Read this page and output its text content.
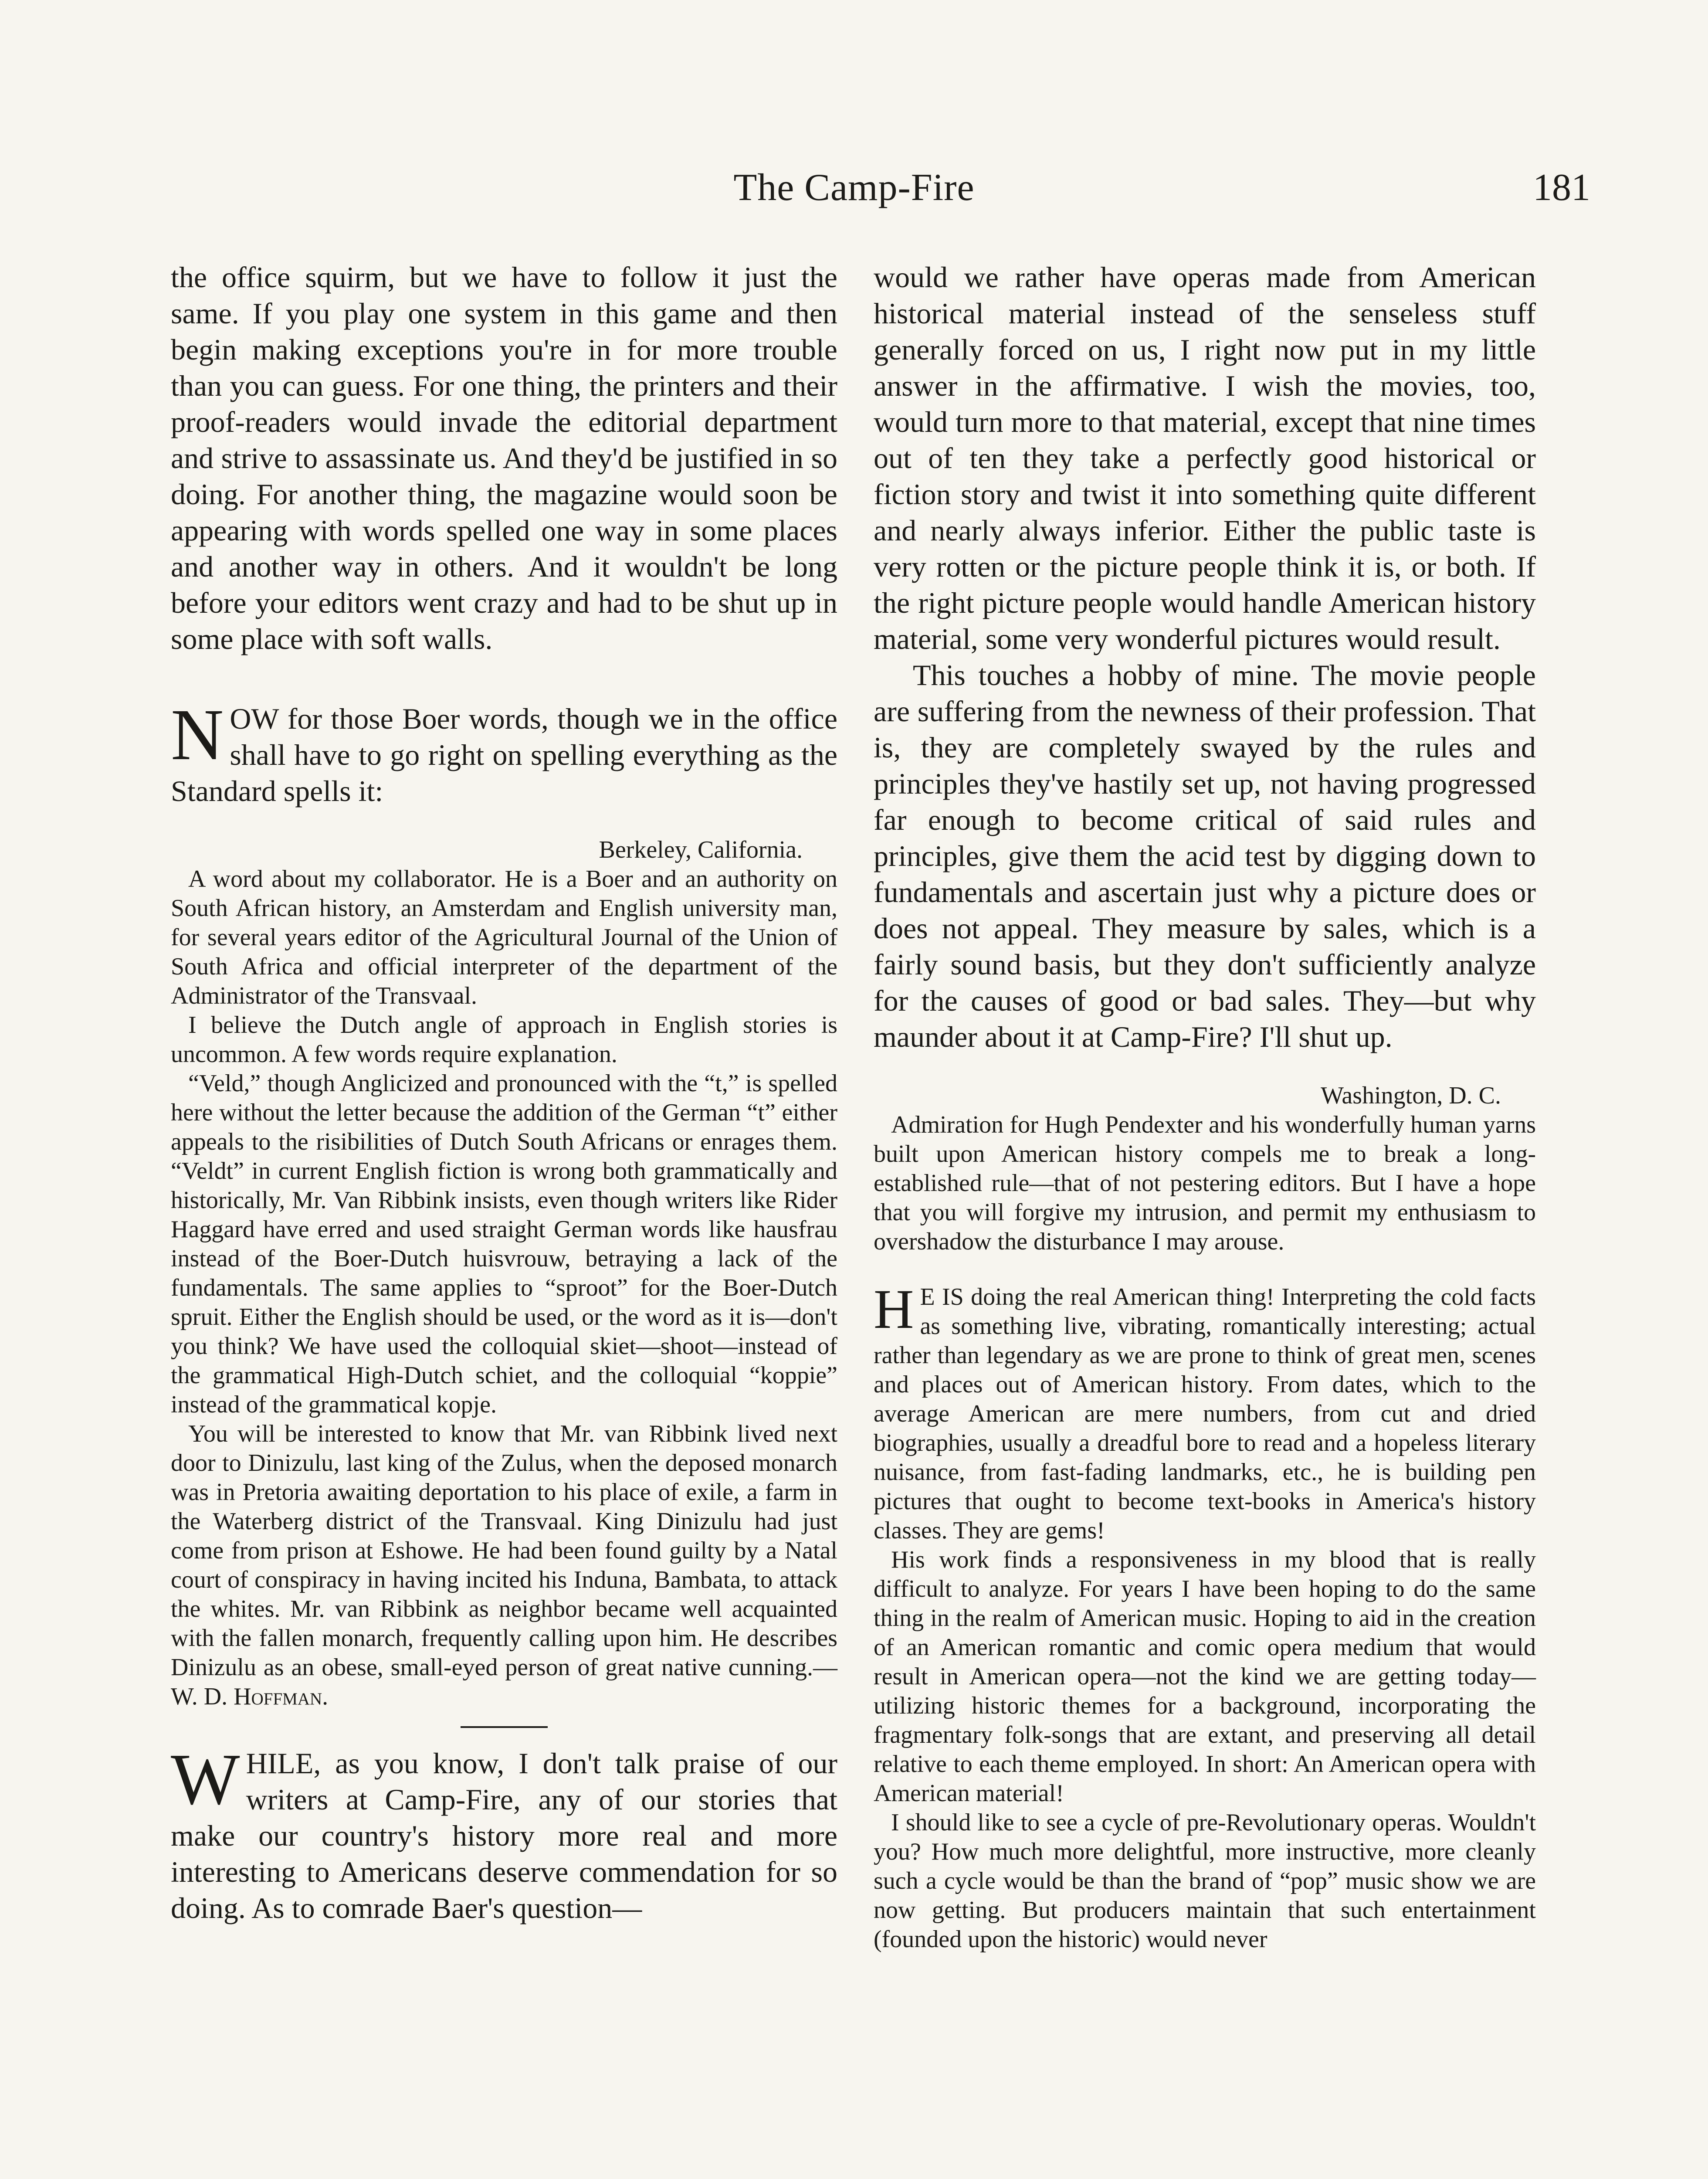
The Camp-Fire	181

the office squirm, but we have to follow it just the same. If you play one system in this game and then begin making exceptions you're in for more trouble than you can guess. For one thing, the printers and their proof-readers would invade the editorial department and strive to assassinate us. And they'd be justified in so doing. For another thing, the magazine would soon be appearing with words spelled one way in some places and another way in others. And it wouldn't be long before your editors went crazy and had to be shut up in some place with soft walls.

NOW for those Boer words, though we in the office shall have to go right on spelling everything as the Standard spells it:

Berkeley, California.

A word about my collaborator. He is a Boer and an authority on South African history, an Amsterdam and English university man, for several years editor of the Agricultural Journal of the Union of South Africa and official interpreter of the department of the Administrator of the Transvaal.

I believe the Dutch angle of approach in English stories is uncommon. A few words require explanation.

“Veld,” though Anglicized and pronounced with the “t,” is spelled here without the letter because the addition of the German “t” either appeals to the risibilities of Dutch South Africans or enrages them. “Veldt” in current English fiction is wrong both grammatically and historically, Mr. Van Ribbink insists, even though writers like Rider Haggard have erred and used straight German words like hausfrau instead of the Boer-Dutch huisvrouw, betraying a lack of the fundamentals. The same applies to “sproot” for the Boer-Dutch spruit. Either the English should be used, or the word as it is—don't you think? We have used the colloquial skiet—shoot—instead of the grammatical High-Dutch schiet, and the colloquial “koppie” instead of the grammatical kopje.

You will be interested to know that Mr. van Ribbink lived next door to Dinizulu, last king of the Zulus, when the deposed monarch was in Pretoria awaiting deportation to his place of exile, a farm in the Waterberg district of the Transvaal. King Dinizulu had just come from prison at Eshowe. He had been found guilty by a Natal court of conspiracy in having incited his Induna, Bambata, to attack the whites. Mr. van Ribbink as neighbor became well acquainted with the fallen monarch, frequently calling upon him. He describes Dinizulu as an obese, small-eyed person of great native cunning.—W. D. Hoffman.

WHILE, as you know, I don't talk praise of our writers at Camp-Fire, any of our stories that make our country's history more real and more interesting to Americans deserve commendation for so doing. As to comrade Baer's question—

would we rather have operas made from American historical material instead of the senseless stuff generally forced on us, I right now put in my little answer in the affirmative. I wish the movies, too, would turn more to that material, except that nine times out of ten they take a perfectly good historical or fiction story and twist it into something quite different and nearly always inferior. Either the public taste is very rotten or the picture people think it is, or both. If the right picture people would handle American history material, some very wonderful pictures would result.

This touches a hobby of mine. The movie people are suffering from the newness of their profession. That is, they are completely swayed by the rules and principles they've hastily set up, not having progressed far enough to become critical of said rules and principles, give them the acid test by digging down to fundamentals and ascertain just why a picture does or does not appeal. They measure by sales, which is a fairly sound basis, but they don't sufficiently analyze for the causes of good or bad sales. They—but why maunder about it at Camp-Fire? I'll shut up.

Washington, D. C.

Admiration for Hugh Pendexter and his wonderfully human yarns built upon American history compels me to break a long-established rule—that of not pestering editors. But I have a hope that you will forgive my intrusion, and permit my enthusiasm to overshadow the disturbance I may arouse.

H E IS doing the real American thing! Interpreting the cold facts as something live, vibrating, romantically interesting; actual rather than legendary as we are prone to think of great men, scenes and places out of American history. From dates, which to the average American are mere numbers, from cut and dried biographies, usually a dreadful bore to read and a hopeless literary nuisance, from fast-fading landmarks, etc., he is building pen pictures that ought to become text-books in America's history classes. They are gems!

His work finds a responsiveness in my blood that is really difficult to analyze. For years I have been hoping to do the same thing in the realm of American music. Hoping to aid in the creation of an American romantic and comic opera medium that would result in American opera—not the kind we are getting today—utilizing historic themes for a background, incorporating the fragmentary folk-songs that are extant, and preserving all detail relative to each theme employed. In short: An American opera with American material!

I should like to see a cycle of pre-Revolutionary operas. Wouldn't you? How much more delightful, more instructive, more cleanly such a cycle would be than the brand of “pop” music show we are now getting. But producers maintain that such entertainment (founded upon the historic) would never
